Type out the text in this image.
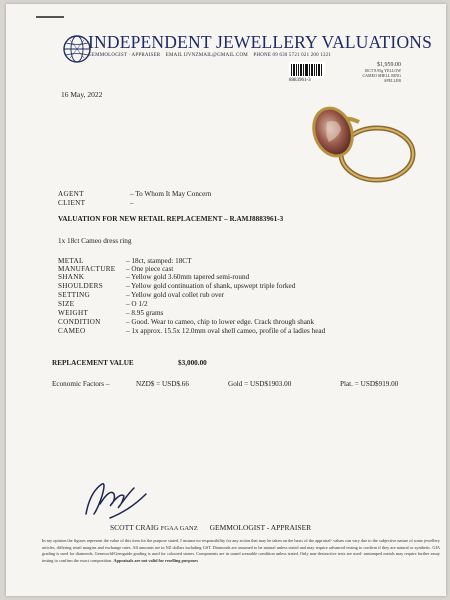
INDEPENDENT JEWELLERY VALUATIONS
GEMMOLOGIST · APPRAISER EMAIL IJVNZMAIL@GMAIL.COM PHONE 09 630 5721 021 200 1221
16 May, 2022
8883961-3
$1,959.00
18CT 8.95g YELLOW
CAMEO SHELL RING
SPELLER
AGENT	– To Whom It May Concern
CLIENT	–
VALUATION FOR NEW RETAIL REPLACEMENT – R.AMJ8883961-3
1x 18ct Cameo dress ring
METAL	– 18ct, stamped: 18CT
MANUFACTURE – One piece cast
SHANK	– Yellow gold 3.60mm tapered semi-round
SHOULDERS	– Yellow gold continuation of shank, upswept triple forked
SETTING	– Yellow gold oval collet rub over
SIZE	– O 1/2
WEIGHT	– 8.95 grams
CONDITION	– Good. Wear to cameo, chip to lower edge. Crack through shank
CAMEO	– 1x approx. 15.5x 12.0mm oval shell cameo, profile of a ladies head
REPLACEMENT VALUE	$3,000.00
Economic Factors –	NZD$ = USD$.66	Gold = USD$1903.00	Plat. = USD$919.00
SCOTT CRAIG FGAA GANZ GEMMOLOGIST - APPRAISER
In my opinion the figures represent the value of this item for the purpose stated. I assume no responsibility for any action that may be taken on the basis of the appraisal- values can vary due to the subjective nature of some jewellery articles, differing retail margins and exchange rates. All amounts are in NZ dollars including GST. Diamonds are assumed to be natural unless stated and may require advanced testing to confirm if they are natural or synthetic. GIA grading is used for diamonds, Gemworld/Gemguide grading is used for coloured stones. Components are in sound wearable condition unless stated. Only non-destructive tests are used- unstamped metals may require further assay testing to confirm the exact composition. Appraisals are not valid for reselling purposes
